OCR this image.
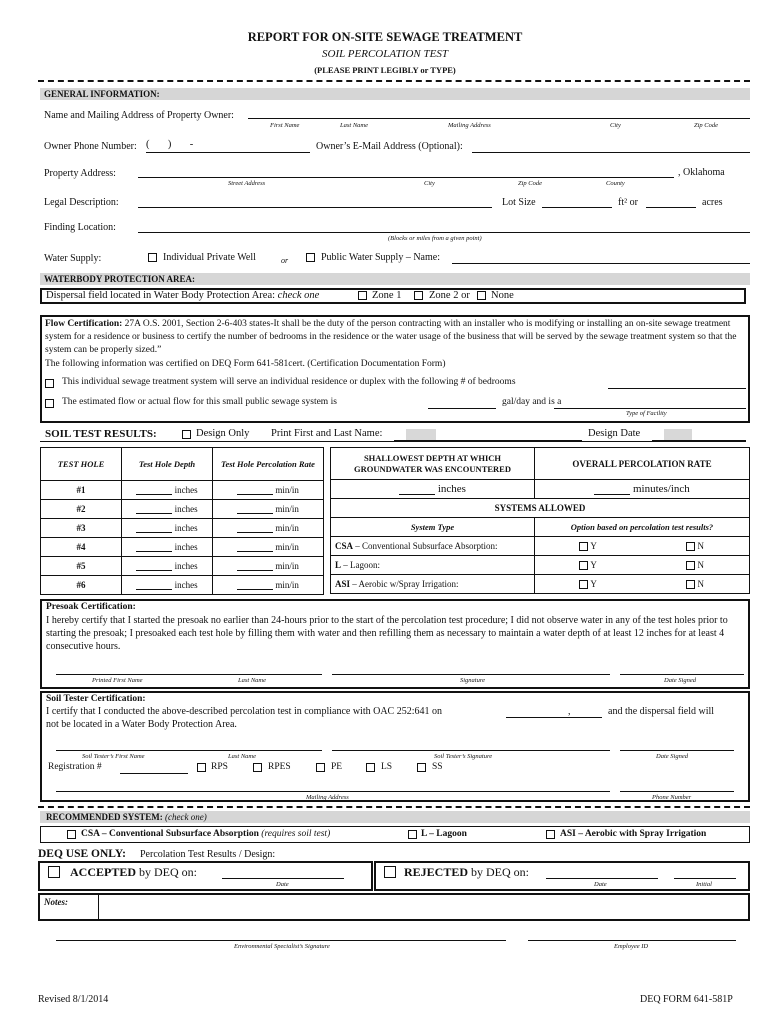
REPORT FOR ON-SITE SEWAGE TREATMENT
SOIL PERCOLATION TEST
(PLEASE PRINT LEGIBLY or TYPE)
GENERAL INFORMATION:
Name and Mailing Address of Property Owner:
First Name	Last Name	Mailing Address	City	Zip Code
Owner Phone Number: (       )       -	Owner’s E-Mail Address (Optional):
Property Address:	, Oklahoma
Street Address	City	Zip Code	County
Legal Description:	Lot Size	ft² or	acres
Finding Location:
(Blocks or miles from a given point)
Water Supply:	Individual Private Well	or	Public Water Supply – Name:
WATERBODY PROTECTION AREA:
Dispersal field located in Water Body Protection Area: check one	Zone 1	Zone 2 or None
Flow Certification: 27A O.S. 2001, Section 2-6-403 states-It shall be the duty of the person contracting with an installer who is modifying or installing an on-site sewage treatment system for a residence or business to certify the number of bedrooms in the residence or the water usage of the business that will be served by the sewage treatment system so that the system can be properly sized.”
The following information was certified on DEQ Form 641-581cert. (Certification Documentation Form)
This individual sewage treatment system will serve an individual residence or duplex with the following # of bedrooms
The estimated flow or actual flow for this small public sewage system is	gal/day and is a
Type of Facility
SOIL TEST RESULTS:	Design Only Print First and Last Name:	Design Date
TEST HOLE	Test Hole Depth	Test Hole Percolation Rate
#1	inches	min/in
#2	inches	min/in
#3	inches	min/in
#4	inches	min/in
#5	inches	min/in
#6	inches	min/in
SHALLOWEST DEPTH AT WHICH GROUNDWATER WAS ENCOUNTERED	OVERALL PERCOLATION RATE	
inches	minutes/inch	
SYSTEMS ALLOWED		
System Type	Option based on percolation test results?	
CSA – Conventional Subsurface Absorption:	Y	N
L – Lagoon:	Y	N
ASI – Aerobic w/Spray Irrigation:	Y	N
Presoak Certification:
I hereby certify that I started the presoak no earlier than 24-hours prior to the start of the percolation test procedure; I did not observe water in any of the test holes prior to starting the presoak; I presoaked each test hole by filling them with water and then refilling them as necessary to maintain a water depth of at least 12 inches for at least 4 consecutive hours.
Printed First Name	Last Name	Signature	Date Signed
Soil Tester Certification:
I certify that I conducted the above-described percolation test in compliance with OAC 252:641 on	,	and the dispersal field will
not be located in a Water Body Protection Area.
Soil Tester’s First Name	Last Name	Soil Tester’s Signature	Date Signed
Registration #	RPS	RPES	PE	LS	SS
Mailing Address	Phone Number
RECOMMENDED SYSTEM: (check one)
CSA – Conventional Subsurface Absorption (requires soil test)	L – Lagoon	ASI – Aerobic with Spray Irrigation
DEQ USE ONLY: Percolation Test Results / Design:
ACCEPTED by DEQ on:
Date
REJECTED by DEQ on:
Date	Initial
Notes:
Environmental Specialist’s Signature	Employee ID
Revised 8/1/2014	DEQ FORM 641-581P
